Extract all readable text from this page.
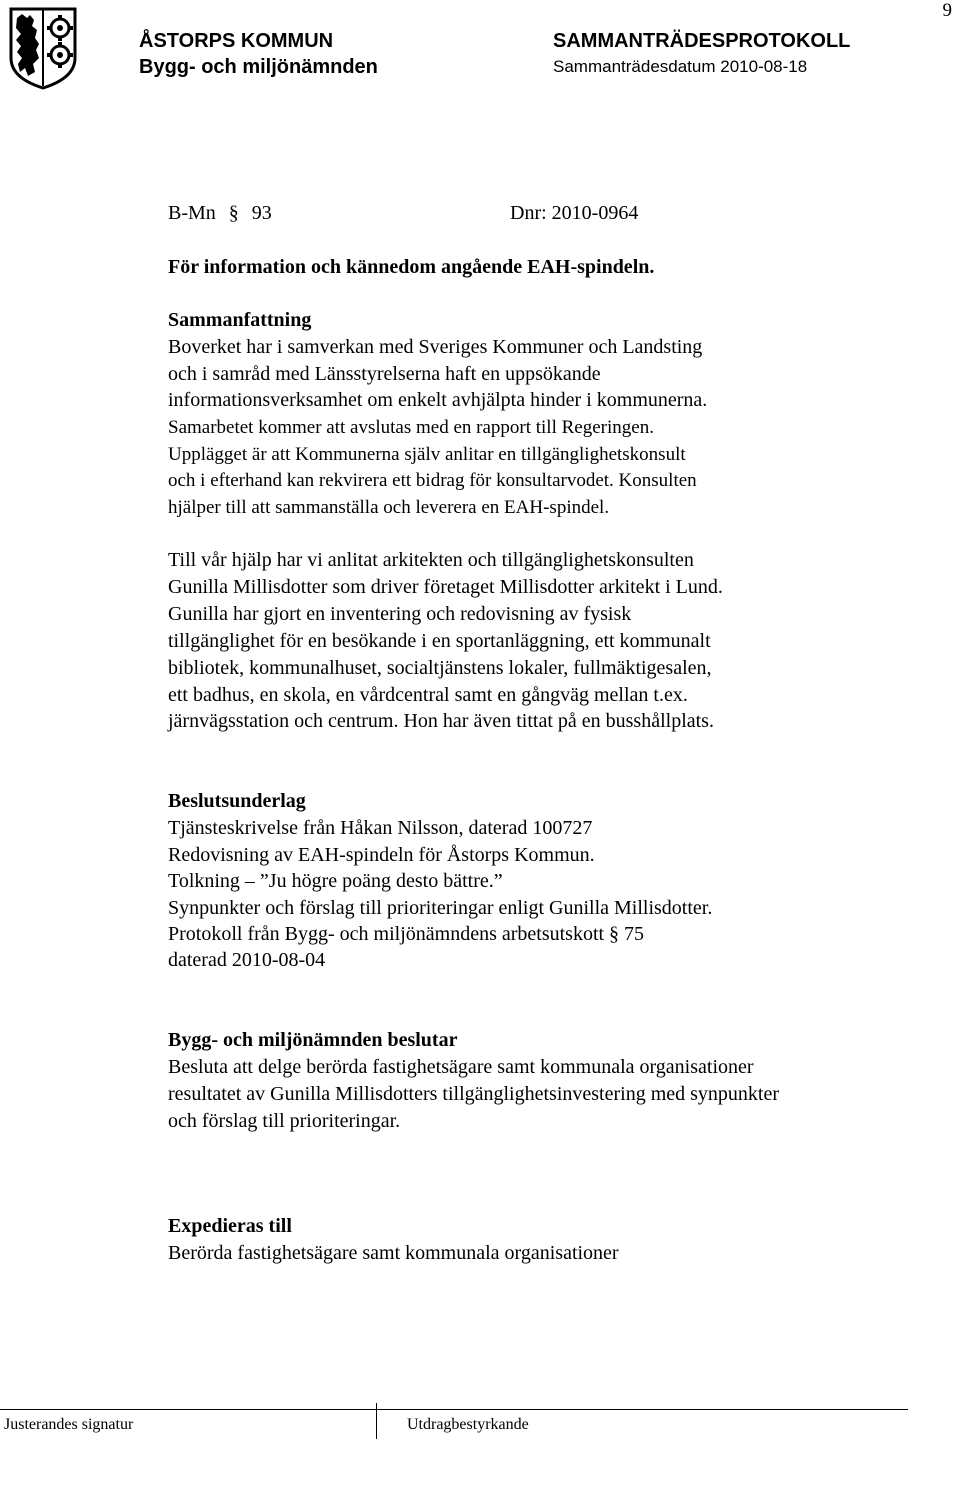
9
ÅSTORPS KOMMUN
Bygg- och miljönämnden
SAMMANTRÄDESPROTOKOLL
Sammanträdesdatum 2010-08-18
B-Mn § 93	Dnr: 2010-0964
För information och kännedom angående EAH-spindeln.
Sammanfattning
Boverket har i samverkan med Sveriges Kommuner och Landsting
och i samråd med Länsstyrelserna haft en uppsökande
informationsverksamhet om enkelt avhjälpta hinder i kommunerna.
Samarbetet kommer att avslutas med en rapport till Regeringen.
Upplägget är att Kommunerna själv anlitar en tillgänglighetskonsult
och i efterhand kan rekvirera ett bidrag för konsultarvodet. Konsulten
hjälper till att sammanställa och leverera en EAH-spindel.
Till vår hjälp har vi anlitat arkitekten och tillgänglighetskonsulten
Gunilla Millisdotter som driver företaget Millisdotter arkitekt i Lund.
Gunilla har gjort en inventering och redovisning av fysisk
tillgänglighet för en besökande i en sportanläggning, ett kommunalt
bibliotek, kommunalhuset, socialtjänstens lokaler, fullmäktigesalen,
ett badhus, en skola, en vårdcentral samt en gångväg mellan t.ex.
järnvägsstation och centrum. Hon har även tittat på en busshållplats.
Beslutsunderlag
Tjänsteskrivelse från Håkan Nilsson, daterad 100727
Redovisning av EAH-spindeln för Åstorps Kommun.
Tolkning – ”Ju högre poäng desto bättre.”
Synpunkter och förslag till prioriteringar enligt Gunilla Millisdotter.
Protokoll från Bygg- och miljönämndens arbetsutskott § 75
daterad 2010-08-04
Bygg- och miljönämnden beslutar
Besluta att delge berörda fastighetsägare samt kommunala organisationer
resultatet av Gunilla Millisdotters tillgänglighetsinvestering med synpunkter
och förslag till prioriteringar.
Expedieras till
Berörda fastighetsägare samt kommunala organisationer
Justerandes signatur	Utdragbestyrkande
